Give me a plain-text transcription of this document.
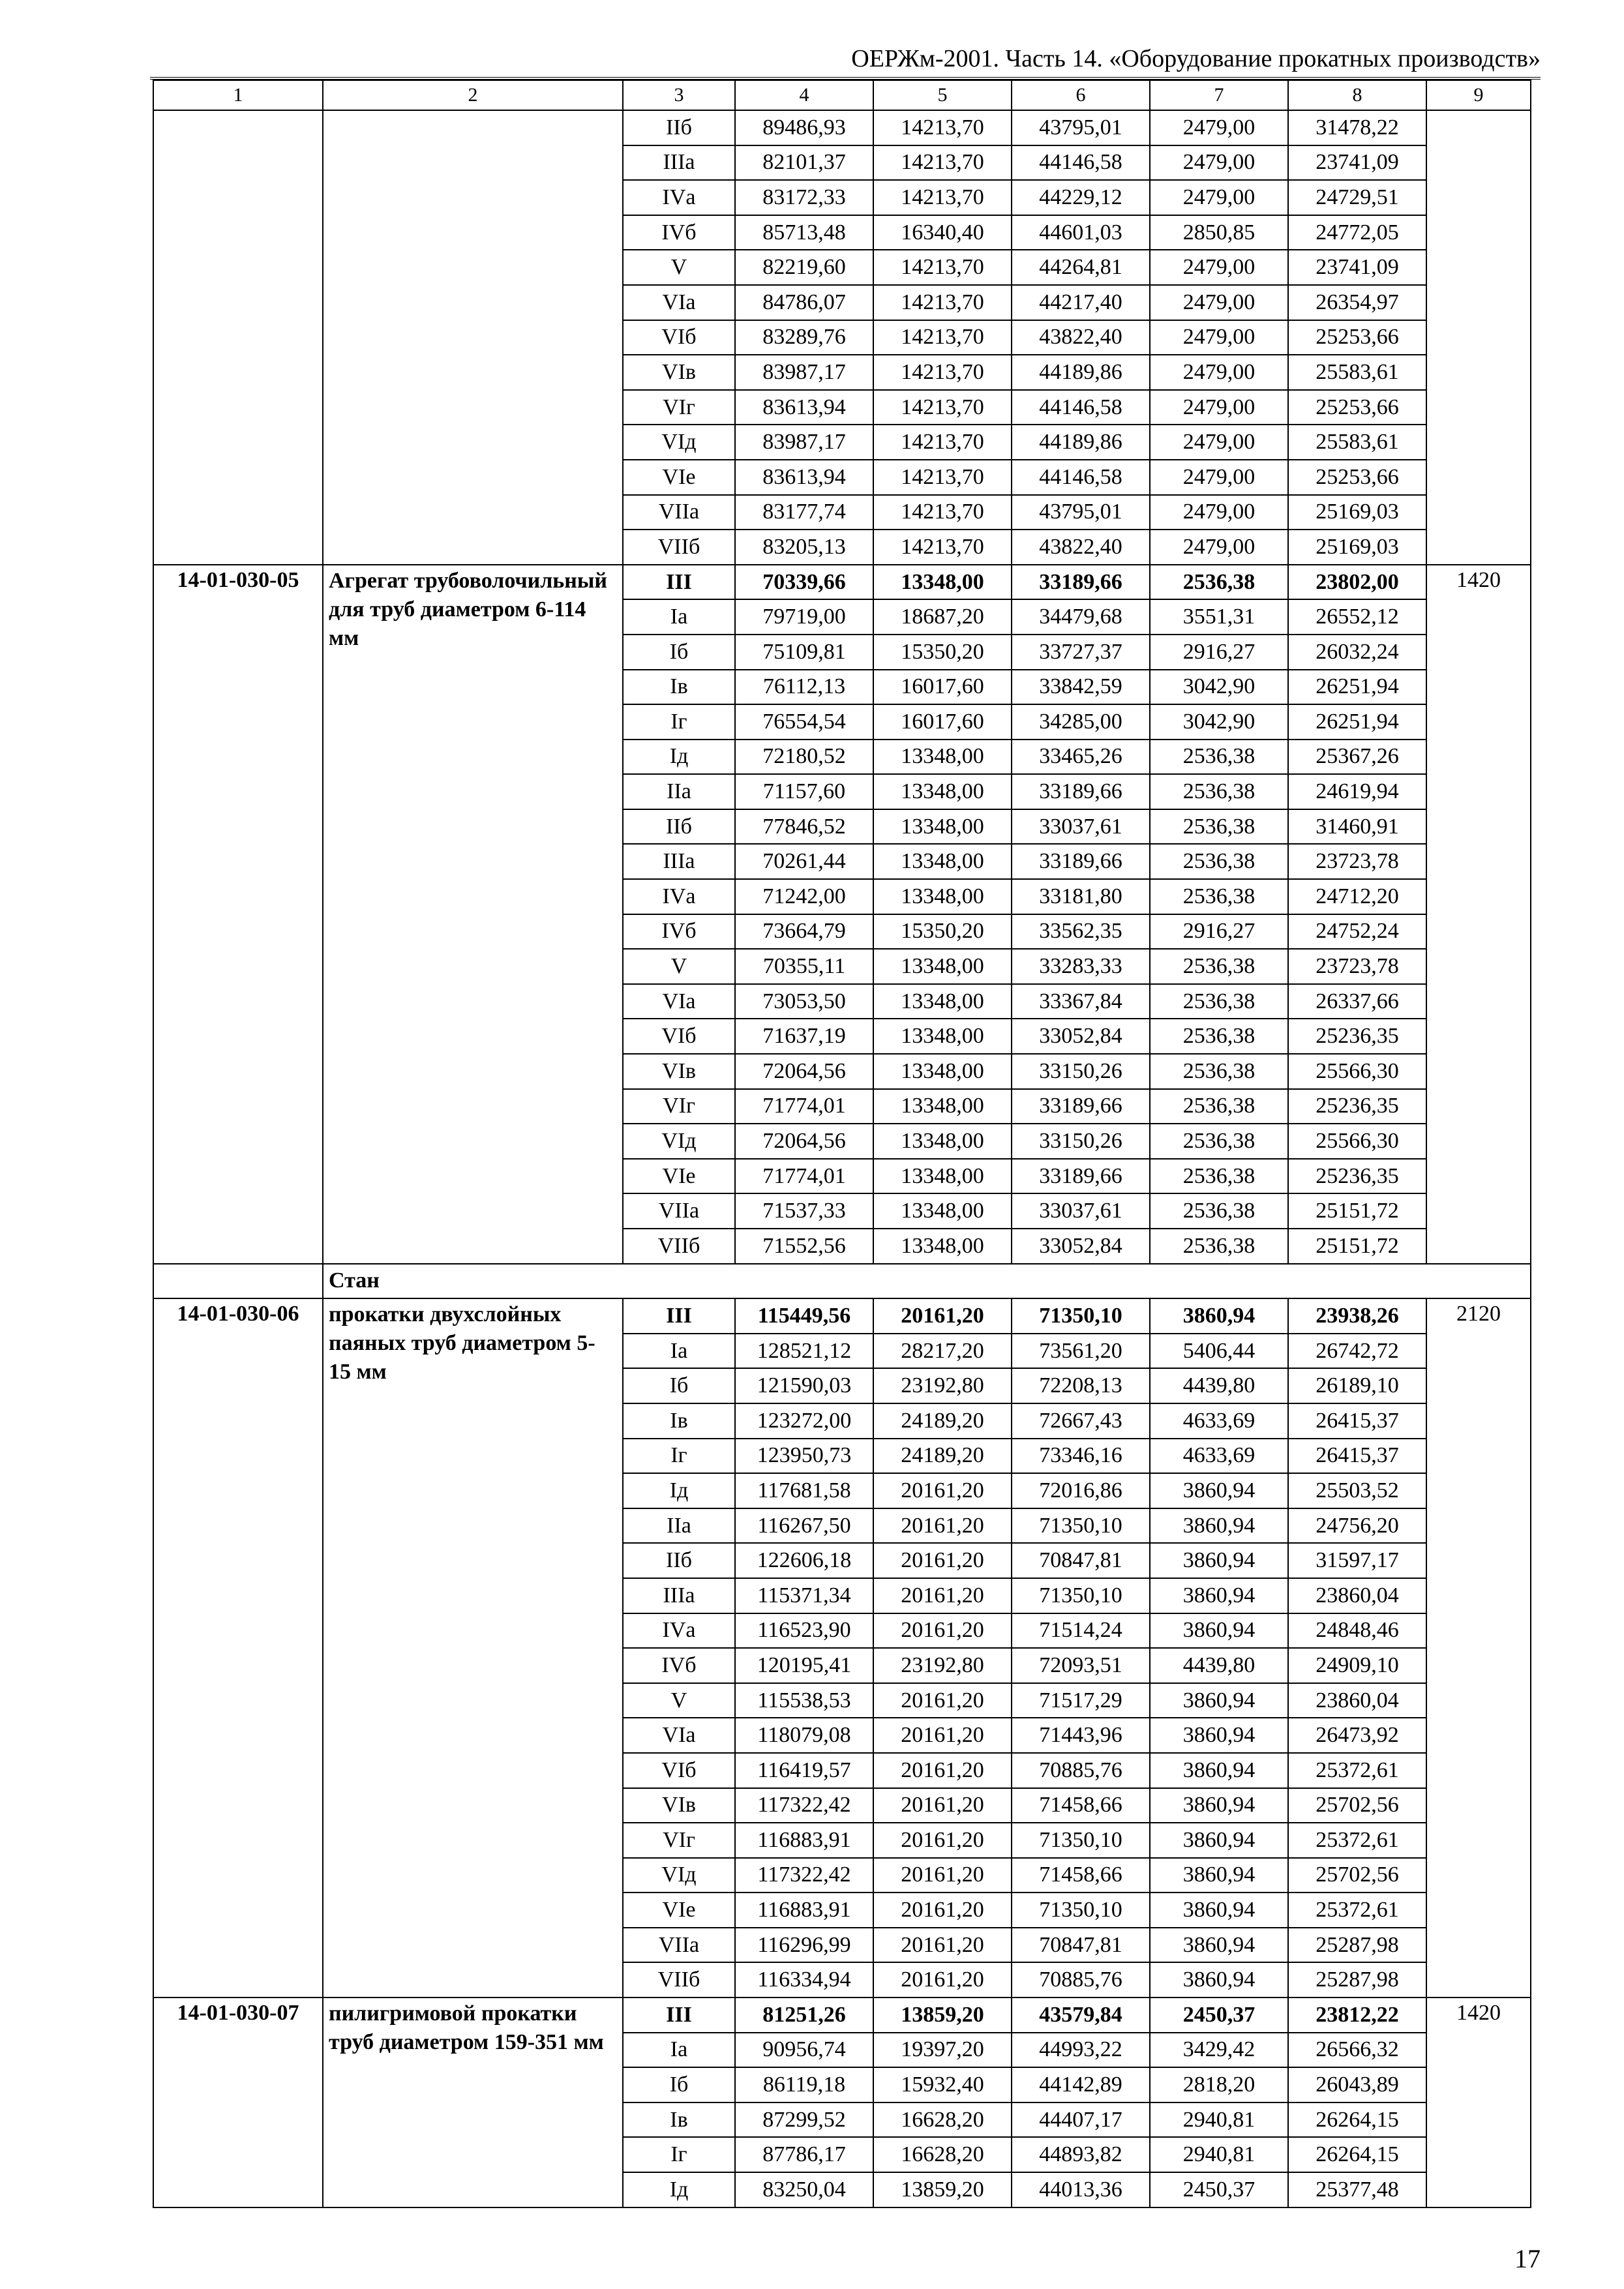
ОЕРЖм-2001. Часть 14. «Оборудование прокатных производств»
1	2	3	4	5	6	7	8	9
		IIб	89486,93	14213,70	43795,01	2479,00	31478,22	
		IIIа	82101,37	14213,70	44146,58	2479,00	23741,09	
		IVа	83172,33	14213,70	44229,12	2479,00	24729,51	
		IVб	85713,48	16340,40	44601,03	2850,85	24772,05	
		V	82219,60	14213,70	44264,81	2479,00	23741,09	
		VIа	84786,07	14213,70	44217,40	2479,00	26354,97	
		VIб	83289,76	14213,70	43822,40	2479,00	25253,66	
		VIв	83987,17	14213,70	44189,86	2479,00	25583,61	
		VIг	83613,94	14213,70	44146,58	2479,00	25253,66	
		VIд	83987,17	14213,70	44189,86	2479,00	25583,61	
		VIе	83613,94	14213,70	44146,58	2479,00	25253,66	
		VIIа	83177,74	14213,70	43795,01	2479,00	25169,03	
		VIIб	83205,13	14213,70	43822,40	2479,00	25169,03	
14-01-030-05	Агрегат трубоволочильный для труб диаметром 6-114 мм	III	70339,66	13348,00	33189,66	2536,38	23802,00	1420
		Iа	79719,00	18687,20	34479,68	3551,31	26552,12	
		Iб	75109,81	15350,20	33727,37	2916,27	26032,24	
		Iв	76112,13	16017,60	33842,59	3042,90	26251,94	
		Iг	76554,54	16017,60	34285,00	3042,90	26251,94	
		Iд	72180,52	13348,00	33465,26	2536,38	25367,26	
		IIа	71157,60	13348,00	33189,66	2536,38	24619,94	
		IIб	77846,52	13348,00	33037,61	2536,38	31460,91	
		IIIа	70261,44	13348,00	33189,66	2536,38	23723,78	
		IVа	71242,00	13348,00	33181,80	2536,38	24712,20	
		IVб	73664,79	15350,20	33562,35	2916,27	24752,24	
		V	70355,11	13348,00	33283,33	2536,38	23723,78	
		VIа	73053,50	13348,00	33367,84	2536,38	26337,66	
		VIб	71637,19	13348,00	33052,84	2536,38	25236,35	
		VIв	72064,56	13348,00	33150,26	2536,38	25566,30	
		VIг	71774,01	13348,00	33189,66	2536,38	25236,35	
		VIд	72064,56	13348,00	33150,26	2536,38	25566,30	
		VIе	71774,01	13348,00	33189,66	2536,38	25236,35	
		VIIа	71537,33	13348,00	33037,61	2536,38	25151,72	
		VIIб	71552,56	13348,00	33052,84	2536,38	25151,72	
	Стан							
14-01-030-06	прокатки двухслойных паяных труб диаметром 5-15 мм	III	115449,56	20161,20	71350,10	3860,94	23938,26	2120
		Iа	128521,12	28217,20	73561,20	5406,44	26742,72	
		Iб	121590,03	23192,80	72208,13	4439,80	26189,10	
		Iв	123272,00	24189,20	72667,43	4633,69	26415,37	
		Iг	123950,73	24189,20	73346,16	4633,69	26415,37	
		Iд	117681,58	20161,20	72016,86	3860,94	25503,52	
		IIа	116267,50	20161,20	71350,10	3860,94	24756,20	
		IIб	122606,18	20161,20	70847,81	3860,94	31597,17	
		IIIа	115371,34	20161,20	71350,10	3860,94	23860,04	
		IVа	116523,90	20161,20	71514,24	3860,94	24848,46	
		IVб	120195,41	23192,80	72093,51	4439,80	24909,10	
		V	115538,53	20161,20	71517,29	3860,94	23860,04	
		VIа	118079,08	20161,20	71443,96	3860,94	26473,92	
		VIб	116419,57	20161,20	70885,76	3860,94	25372,61	
		VIв	117322,42	20161,20	71458,66	3860,94	25702,56	
		VIг	116883,91	20161,20	71350,10	3860,94	25372,61	
		VIд	117322,42	20161,20	71458,66	3860,94	25702,56	
		VIе	116883,91	20161,20	71350,10	3860,94	25372,61	
		VIIа	116296,99	20161,20	70847,81	3860,94	25287,98	
		VIIб	116334,94	20161,20	70885,76	3860,94	25287,98	
14-01-030-07	пилигримовой прокатки труб диаметром 159-351 мм	III	81251,26	13859,20	43579,84	2450,37	23812,22	1420
		Iа	90956,74	19397,20	44993,22	3429,42	26566,32	
		Iб	86119,18	15932,40	44142,89	2818,20	26043,89	
		Iв	87299,52	16628,20	44407,17	2940,81	26264,15	
		Iг	87786,17	16628,20	44893,82	2940,81	26264,15	
		Iд	83250,04	13859,20	44013,36	2450,37	25377,48	
17
